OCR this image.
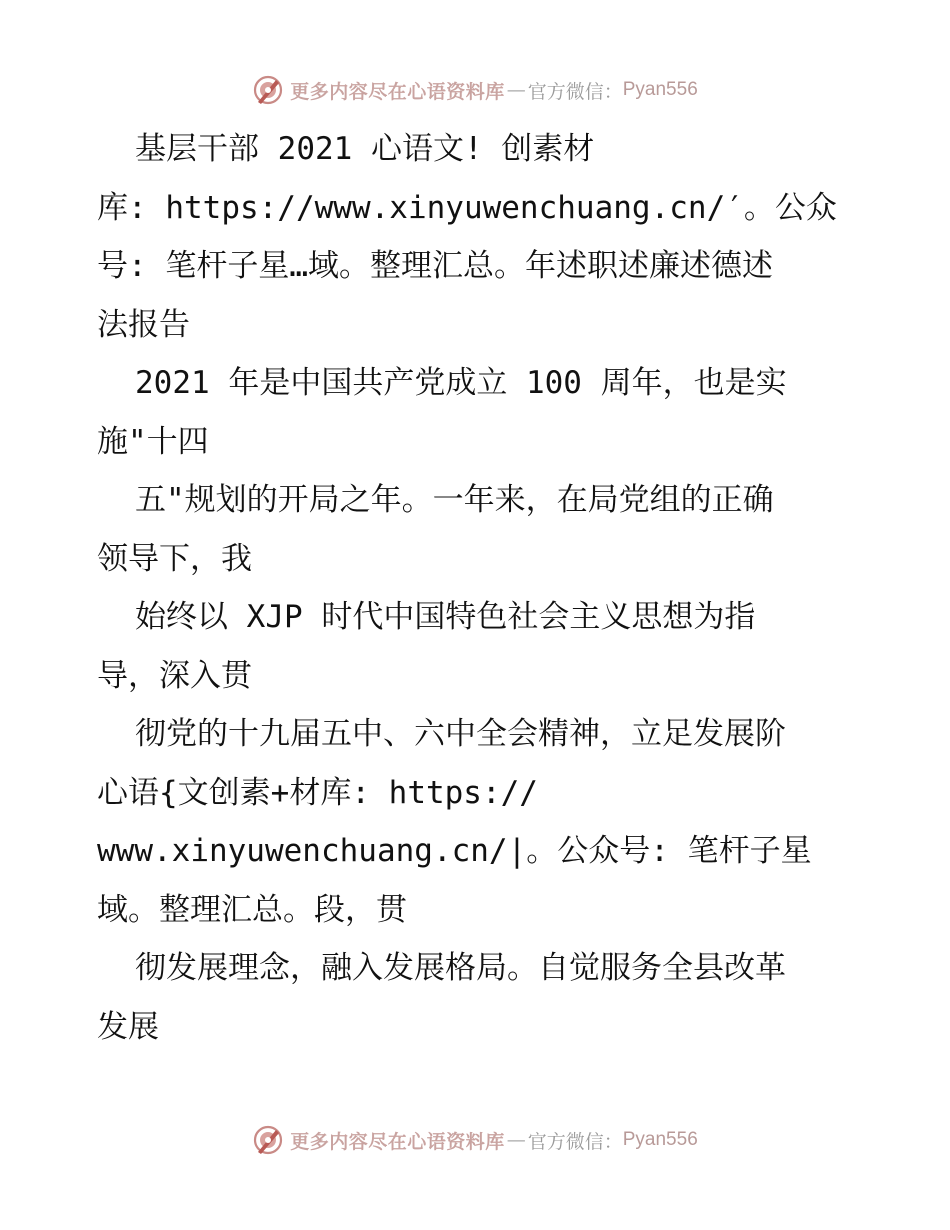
更多内容尽在心语资料库 — 官方微信： Pyan556
基层干部 2021 心语文! 创素材
库: https://www.xinyuwenchuang.cn/′。公众
号: 笔杆子星…域。整理汇总。年述职述廉述德述
法报告
2021 年是中国共产党成立 100 周年，也是实
施"十四
五"规划的开局之年。一年来，在局党组的正确
领导下，我
始终以 XJP 时代中国特色社会主义思想为指
导，深入贯
彻党的十九届五中、六中全会精神，立足发展阶
心语{文创素+材库: https://
www.xinyuwenchuang.cn/|。公众号: 笔杆子星
域。整理汇总。段，贯
彻发展理念，融入发展格局。自觉服务全县改革
发展
更多内容尽在心语资料库 — 官方微信： Pyan556
